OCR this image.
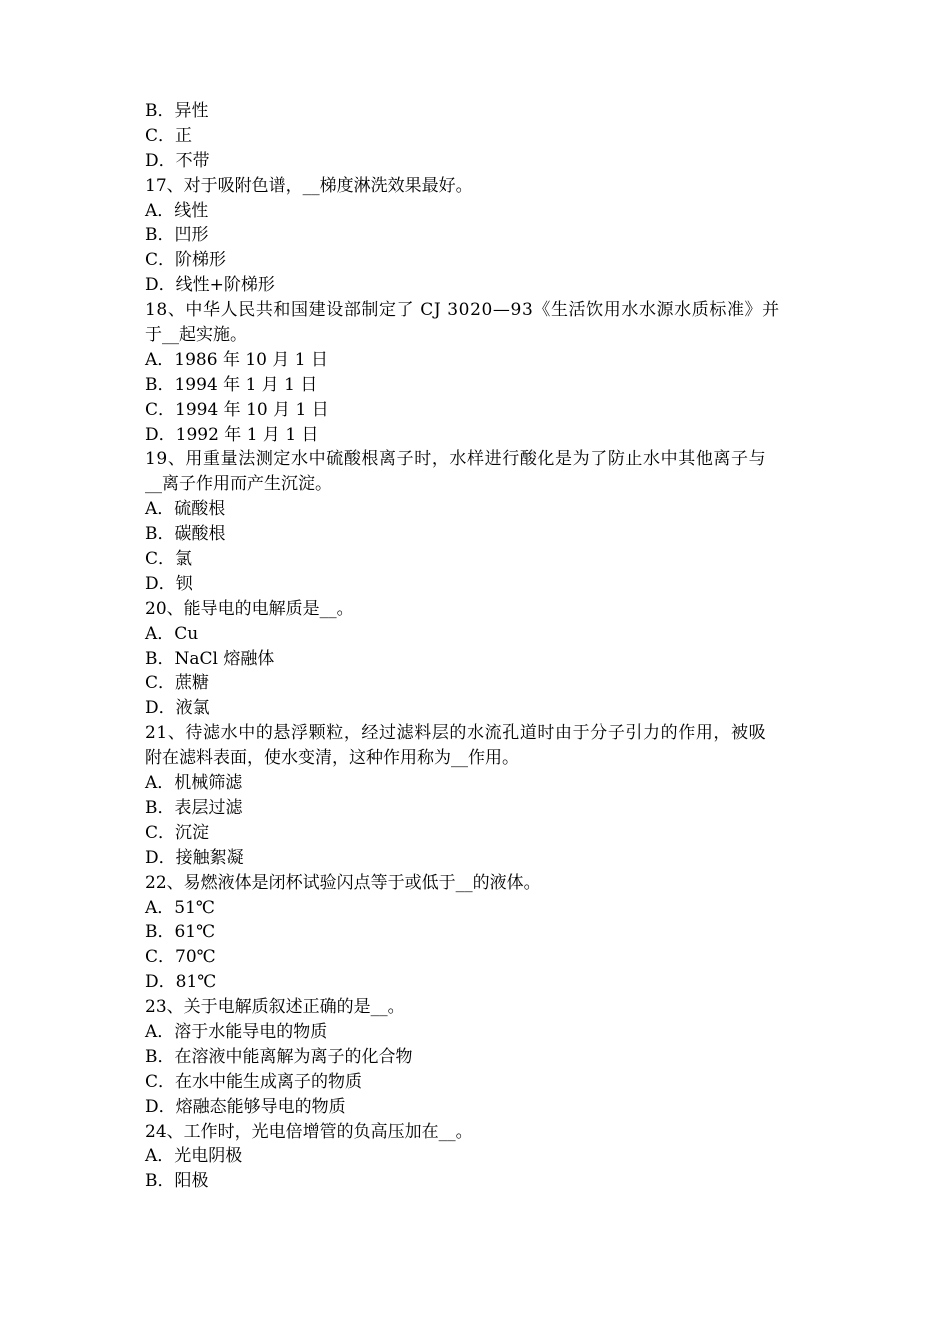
B．异性
C．正
D．不带
17、对于吸附色谱，__梯度淋洗效果最好。
A．线性
B．凹形
C．阶梯形
D．线性+阶梯形
18、中华人民共和国建设部制定了 CJ 3020—93《生活饮用水水源水质标准》并
于__起实施。
A．1986 年 10 月 1 日
B．1994 年 1 月 1 日
C．1994 年 10 月 1 日
D．1992 年 1 月 1 日
19、用重量法测定水中硫酸根离子时，水样进行酸化是为了防止水中其他离子与
__离子作用而产生沉淀。
A．硫酸根
B．碳酸根
C．氯
D．钡
20、能导电的电解质是__。
A．Cu
B．NaCl 熔融体
C．蔗糖
D．液氯
21、待滤水中的悬浮颗粒，经过滤料层的水流孔道时由于分子引力的作用，被吸
附在滤料表面，使水变清，这种作用称为__作用。
A．机械筛滤
B．表层过滤
C．沉淀
D．接触絮凝
22、易燃液体是闭杯试验闪点等于或低于__的液体。
A．51℃
B．61℃
C．70℃
D．81℃
23、关于电解质叙述正确的是__。
A．溶于水能导电的物质
B．在溶液中能离解为离子的化合物
C．在水中能生成离子的物质
D．熔融态能够导电的物质
24、工作时，光电倍增管的负高压加在__。
A．光电阴极
B．阳极
